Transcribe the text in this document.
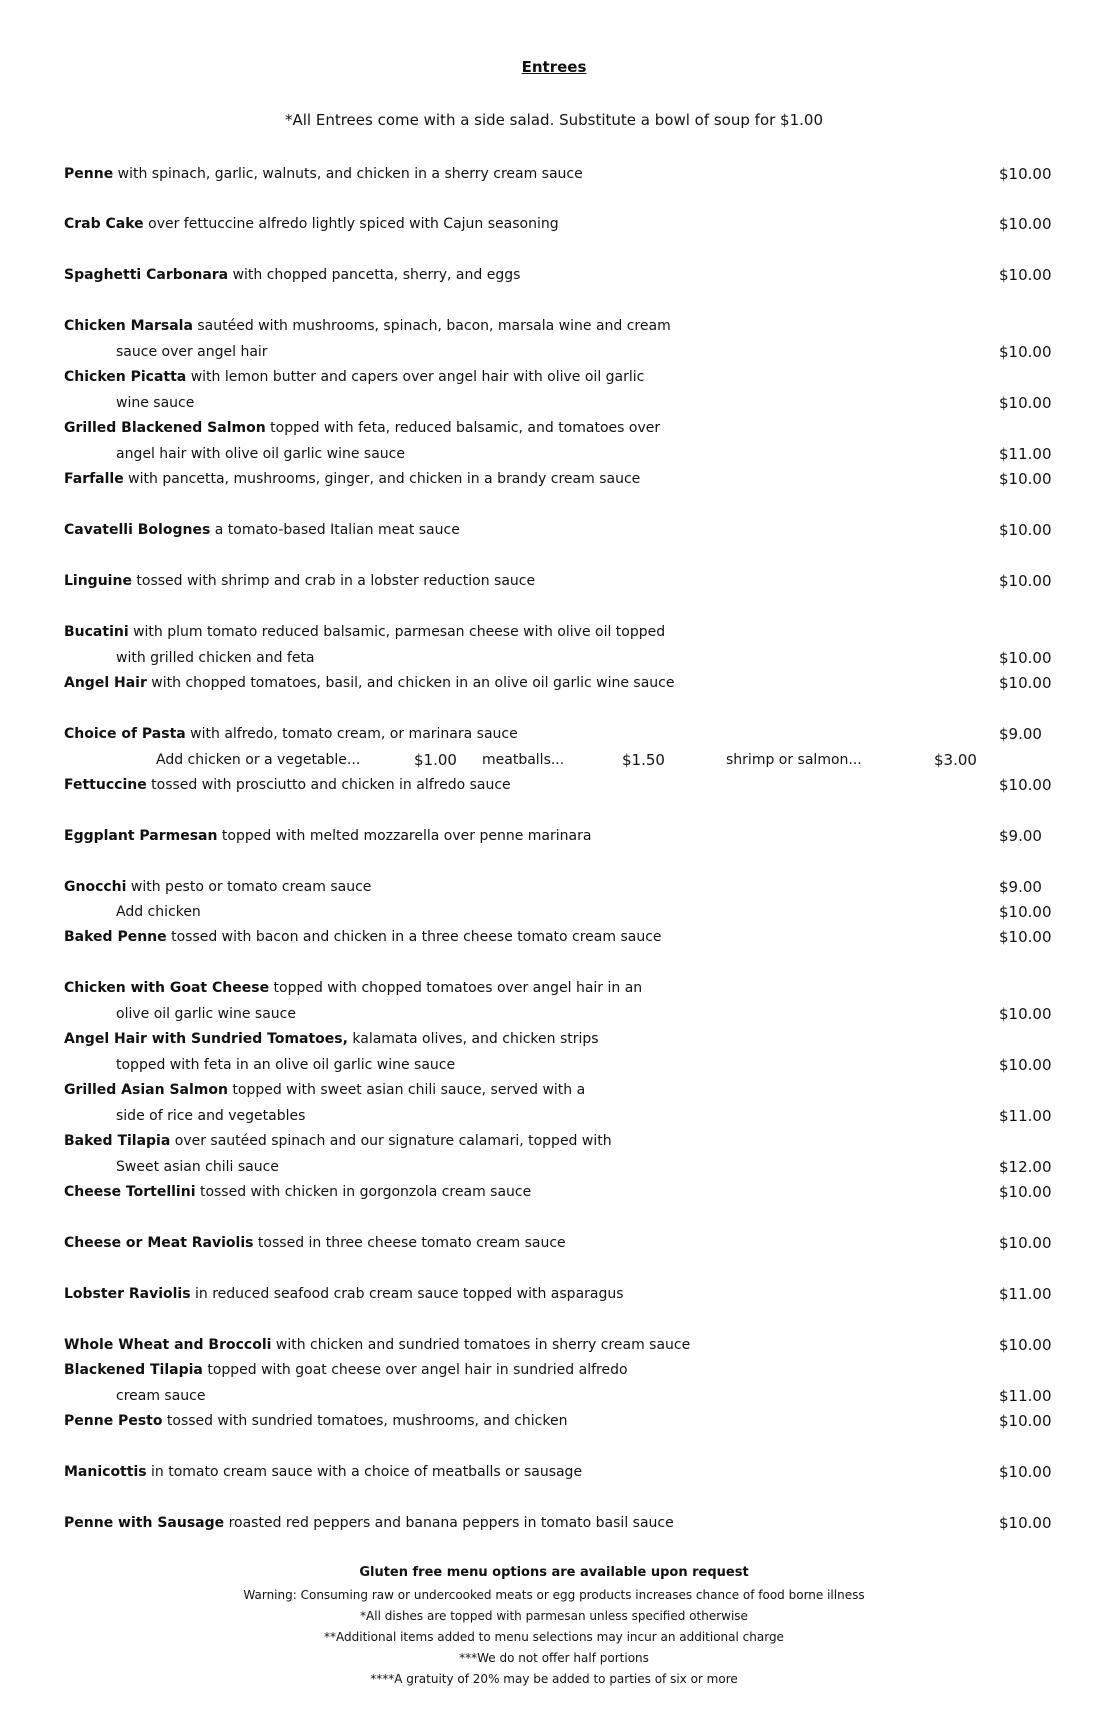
Entrees
*All Entrees come with a side salad. Substitute a bowl of soup for $1.00
Penne with spinach, garlic, walnuts, and chicken in a sherry cream sauce	$10.00
Crab Cake over fettuccine alfredo lightly spiced with Cajun seasoning	$10.00
Spaghetti Carbonara with chopped pancetta, sherry, and eggs	$10.00
Chicken Marsala sautéed with mushrooms, spinach, bacon, marsala wine and cream
sauce over angel hair	$10.00
Chicken Picatta with lemon butter and capers over angel hair with olive oil garlic
wine sauce	$10.00
Grilled Blackened Salmon topped with feta, reduced balsamic, and tomatoes over
angel hair with olive oil garlic wine sauce	$11.00
Farfalle with pancetta, mushrooms, ginger, and chicken in a brandy cream sauce	$10.00
Cavatelli Bolognes a tomato-based Italian meat sauce	$10.00
Linguine tossed with shrimp and crab in a lobster reduction sauce	$10.00
Bucatini with plum tomato reduced balsamic, parmesan cheese with olive oil topped
with grilled chicken and feta	$10.00
Angel Hair with chopped tomatoes, basil, and chicken in an olive oil garlic wine sauce	$10.00
Choice of Pasta with alfredo, tomato cream, or marinara sauce	$9.00
Add chicken or a vegetable...	$1.00 meatballs...	$1.50	shrimp or salmon...	$3.00
Fettuccine tossed with prosciutto and chicken in alfredo sauce	$10.00
Eggplant Parmesan topped with melted mozzarella over penne marinara	$9.00
Gnocchi with pesto or tomato cream sauce	$9.00
Add chicken	$10.00
Baked Penne tossed with bacon and chicken in a three cheese tomato cream sauce	$10.00
Chicken with Goat Cheese topped with chopped tomatoes over angel hair in an
olive oil garlic wine sauce	$10.00
Angel Hair with Sundried Tomatoes, kalamata olives, and chicken strips
topped with feta in an olive oil garlic wine sauce	$10.00
Grilled Asian Salmon topped with sweet asian chili sauce, served with a
side of rice and vegetables	$11.00
Baked Tilapia over sautéed spinach and our signature calamari, topped with
Sweet asian chili sauce	$12.00
Cheese Tortellini tossed with chicken in gorgonzola cream sauce	$10.00
Cheese or Meat Raviolis tossed in three cheese tomato cream sauce	$10.00
Lobster Raviolis in reduced seafood crab cream sauce topped with asparagus	$11.00
Whole Wheat and Broccoli with chicken and sundried tomatoes in sherry cream sauce	$10.00
Blackened Tilapia topped with goat cheese over angel hair in sundried alfredo
cream sauce	$11.00
Penne Pesto tossed with sundried tomatoes, mushrooms, and chicken	$10.00
Manicottis in tomato cream sauce with a choice of meatballs or sausage	$10.00
Penne with Sausage roasted red peppers and banana peppers in tomato basil sauce	$10.00
Gluten free menu options are available upon request
Warning: Consuming raw or undercooked meats or egg products increases chance of food borne illness
*All dishes are topped with parmesan unless specified otherwise
**Additional items added to menu selections may incur an additional charge
***We do not offer half portions
****A gratuity of 20% may be added to parties of six or more
